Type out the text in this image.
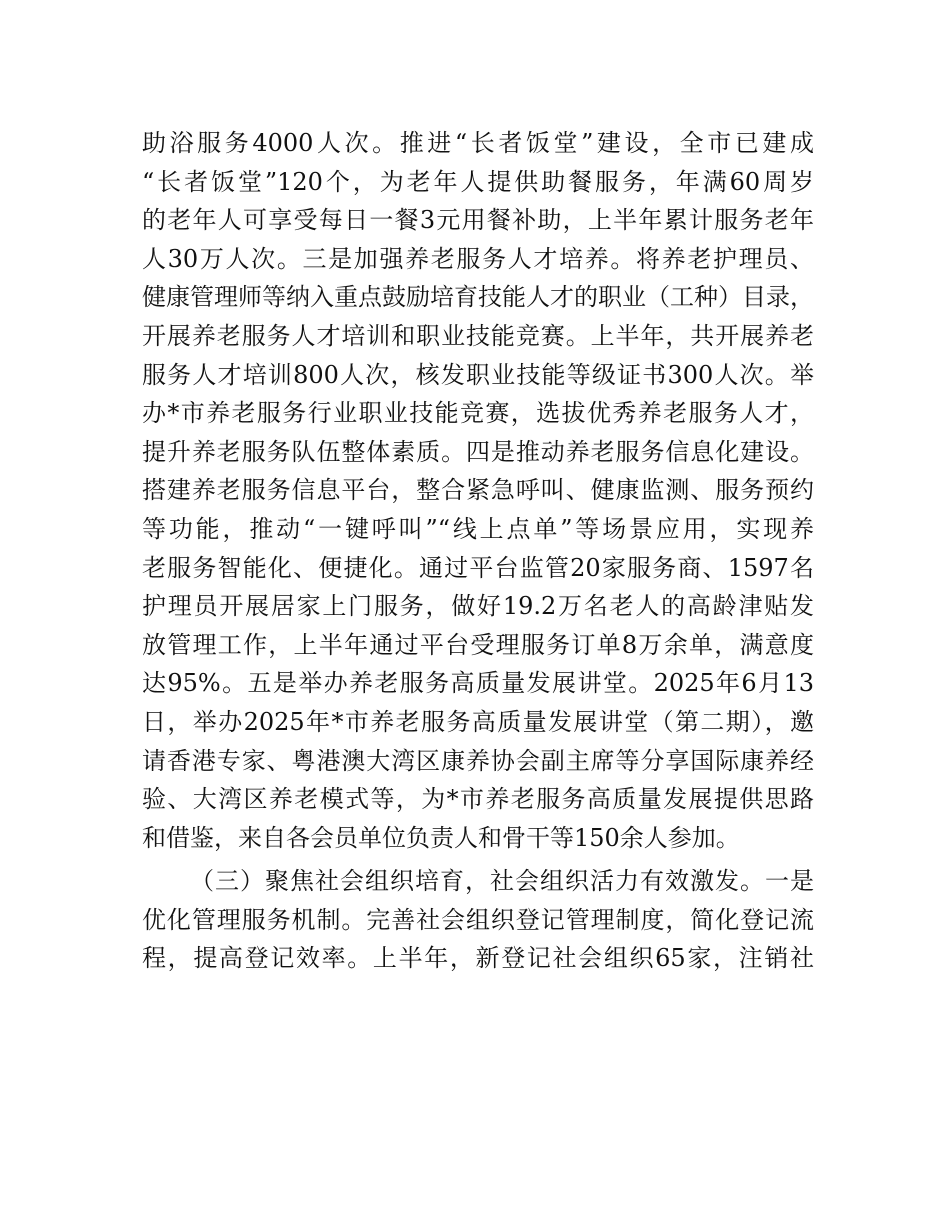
助浴服务4000人次。推进“长者饭堂”建设，全市已建成
“长者饭堂”120个，为老年人提供助餐服务，年满60周岁
的老年人可享受每日一餐3元用餐补助，上半年累计服务老年
人30万人次。三是加强养老服务人才培养。将养老护理员、
健康管理师等纳入重点鼓励培育技能人才的职业（工种）目录，
开展养老服务人才培训和职业技能竞赛。上半年，共开展养老
服务人才培训800人次，核发职业技能等级证书300人次。举
办*市养老服务行业职业技能竞赛，选拔优秀养老服务人才，
提升养老服务队伍整体素质。四是推动养老服务信息化建设。
搭建养老服务信息平台，整合紧急呼叫、健康监测、服务预约
等功能，推动“一键呼叫”“线上点单”等场景应用，实现养
老服务智能化、便捷化。通过平台监管20家服务商、1597名
护理员开展居家上门服务，做好19.2万名老人的高龄津贴发
放管理工作，上半年通过平台受理服务订单8万余单，满意度
达95%。五是举办养老服务高质量发展讲堂。2025年6月13
日，举办2025年*市养老服务高质量发展讲堂（第二期），邀
请香港专家、粤港澳大湾区康养协会副主席等分享国际康养经
验、大湾区养老模式等，为*市养老服务高质量发展提供思路
和借鉴，来自各会员单位负责人和骨干等150余人参加。
（三）聚焦社会组织培育，社会组织活力有效激发。一是
优化管理服务机制。完善社会组织登记管理制度，简化登记流
程，提高登记效率。上半年，新登记社会组织65家，注销社
